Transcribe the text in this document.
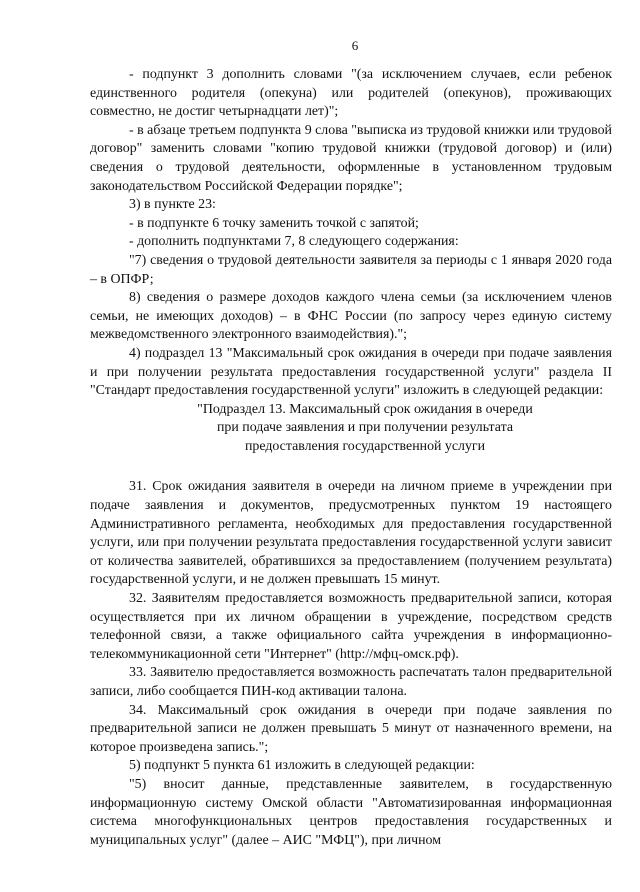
6

- подпункт 3 дополнить словами "(за исключением случаев, если ребенок единственного родителя (опекуна) или родителей (опекунов), проживающих совместно, не достиг четырнадцати лет)";

- в абзаце третьем подпункта 9 слова "выписка из трудовой книжки или трудовой договор" заменить словами "копию трудовой книжки (трудовой договор) и (или) сведения о трудовой деятельности, оформленные в установленном трудовым законодательством Российской Федерации порядке";

3) в пункте 23:

- в подпункте 6 точку заменить точкой с запятой;

- дополнить подпунктами 7, 8 следующего содержания:

"7) сведения о трудовой деятельности заявителя за периоды с 1 января 2020 года – в ОПФР;

8) сведения о размере доходов каждого члена семьи (за исключением членов семьи, не имеющих доходов) – в ФНС России (по запросу через единую систему межведомственного электронного взаимодействия).";

4) подраздел 13 "Максимальный срок ожидания в очереди при подаче заявления и при получении результата предоставления государственной услуги" раздела II "Стандарт предоставления государственной услуги" изложить в следующей редакции:

"Подраздел 13. Максимальный срок ожидания в очереди

при подаче заявления и при получении результата

предоставления государственной услуги

31. Срок ожидания заявителя в очереди на личном приеме в учреждении при подаче заявления и документов, предусмотренных пунктом 19 настоящего Административного регламента, необходимых для предоставления государственной услуги, или при получении результата предоставления государственной услуги зависит от количества заявителей, обратившихся за предоставлением (получением результата) государственной услуги, и не должен превышать 15 минут.

32. Заявителям предоставляется возможность предварительной записи, которая осуществляется при их личном обращении в учреждение, посредством средств телефонной связи, а также официального сайта учреждения в информационно-телекоммуникационной сети "Интернет" (http://мфц-омск.рф).

33. Заявителю предоставляется возможность распечатать талон предварительной записи, либо сообщается ПИН-код активации талона.

34. Максимальный срок ожидания в очереди при подаче заявления по предварительной записи не должен превышать 5 минут от назначенного времени, на которое произведена запись.";

5) подпункт 5 пункта 61 изложить в следующей редакции:

"5) вносит данные, представленные заявителем, в государственную информационную систему Омской области "Автоматизированная информационная система многофункциональных центров предоставления государственных и муниципальных услуг" (далее – АИС "МФЦ"), при личном
